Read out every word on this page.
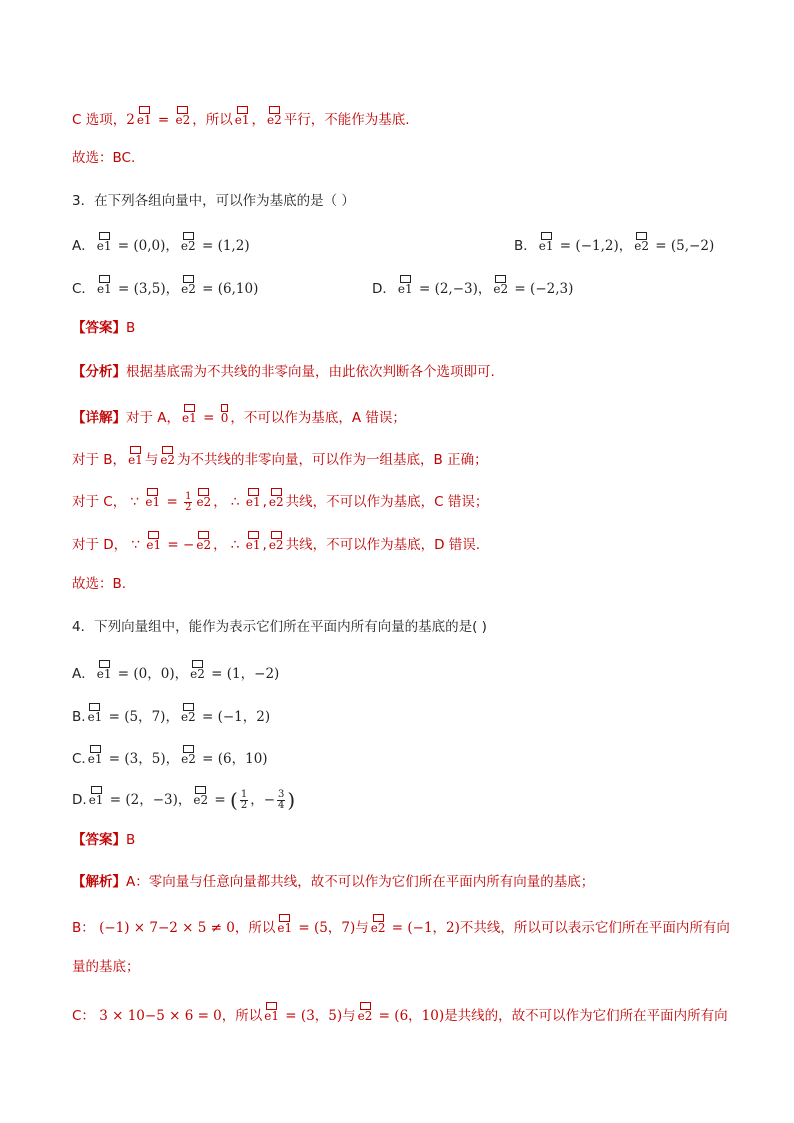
C 选项，2 e1 = e2 ，所以 e1 ， e2 平行，不能作为基底.
故选：BC.
3．在下列各组向量中，可以作为基底的是（ ）
A． e1 = (0,0)， e2 = (1,2)	B． e1 = (−1,2)， e2 = (5,−2)
C． e1 = (3,5)， e2 = (6,10)	D． e1 = (2,−3)， e2 = (−2,3)
【答案】B
【分析】根据基底需为不共线的非零向量，由此依次判断各个选项即可.
【详解】对于 A， e1 =
0 ，不可以作为基底，A 错误；
对于 B， e1 与 e2 为不共线的非零向量，可以作为一组基底，B 正确；
对于 C， ∵ $e1 = \frac{1}{2} e2$ ， ∴ e1 , e2 共线，不可以作为基底，C 错误；
对于 D， ∵ e1 = − e2 ， ∴ e1 , e2 共线，不可以作为基底，D 错误.
故选：B.
4．下列向量组中，能作为表示它们所在平面内所有向量的基底的是( )
A． e1 = (0，0)， e2 = (1，−2)
B. e1 = (5，7)， e2 = (−1，2)
C. e1 = (3，5)， e2 = (6，10)
D. e1 = (2，−3)， e2 = ( $\frac{1}{2}$ ，− $\frac{3}{4}$ )
【答案】B
【解析】A：零向量与任意向量都共线，故不可以作为它们所在平面内所有向量的基底；
B： (−1) × 7−2 × 5 ≠ 0，所以 e1 = (5，7)与 e2 = (−1，2)不共线，所以可以表示它们所在平面内所有向
量的基底；
C： 3 × 10−5 × 6 = 0，所以 e1 = (3，5)与 e2 = (6，10)是共线的，故不可以作为它们所在平面内所有向
